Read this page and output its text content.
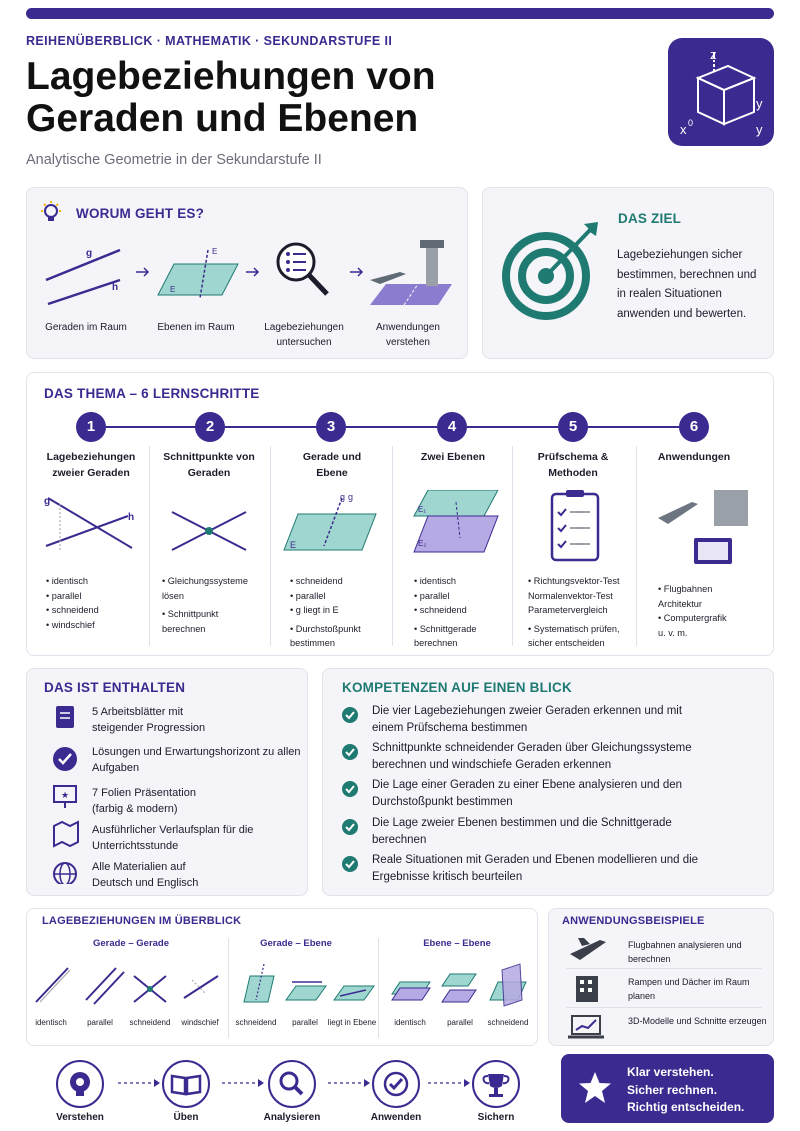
REIHENÜBERBLICK · MATHEMATIK · SEKUNDARSTUFE II
Lagebeziehungen von Geraden und Ebenen
Analytische Geometrie in der Sekundarstufe II
z
y
x 0	y
WORUM GEHT ES?
g
h	E
E
Geraden im Raum	Ebenen im Raum	Lagebeziehungen untersuchen
Anwendungen verstehen
DAS ZIEL
Lagebeziehungen sicher bestimmen, berechnen und in realen Situationen anwenden und bewerten.
DAS THEMA – 6 LERNSCHRITTE
1	2	3	4	5	6
Lagebeziehungen zweier Geraden
Schnittpunkte von Geraden
Gerade und Ebene
Zwei Ebenen	Prüfschema & Methoden
Anwendungen
g
h
g g
E
E₁
E₂
• identisch
• parallel
• schneidend
• windschief
• Gleichungssysteme lösen
• Schnittpunkt berechnen
• schneidend
• parallel
• g liegt in E
• Durchstoßpunkt bestimmen
• identisch
• parallel
• schneidend
• Schnittgerade berechnen
• Richtungsvektor-Test
Normalenvektor-Test
Parametervergleich
• Systematisch prüfen, sicher entscheiden
• Flugbahnen
Architektur
• Computergrafik
u. v. m.
DAS IST ENTHALTEN
★
5 Arbeitsblätter mit steigender Progression
Lösungen und Erwartungshorizont zu allen Aufgaben
7 Folien Präsentation (farbig & modern)
Ausführlicher Verlaufsplan für die Unterrichtsstunde
Alle Materialien auf Deutsch und Englisch
KOMPETENZEN AUF EINEN BLICK
Die vier Lagebeziehungen zweier Geraden erkennen und mit einem Prüfschema bestimmen
Schnittpunkte schneidender Geraden über Gleichungssysteme berechnen und windschiefe Geraden erkennen
Die Lage einer Geraden zu einer Ebene analysieren und den Durchstoßpunkt bestimmen
Die Lage zweier Ebenen bestimmen und die Schnittgerade berechnen
Reale Situationen mit Geraden und Ebenen modellieren und die Ergebnisse kritisch beurteilen
LAGEBEZIEHUNGEN IM ÜBERBLICK
Gerade – Gerade	Gerade – Ebene	Ebene – Ebene
identisch	parallel	schneidend	windschief	schneidend	parallel	liegt in Ebene	identisch	parallel	schneidend
ANWENDUNGSBEISPIELE
Flugbahnen analysieren und berechnen
Rampen und Dächer im Raum planen
3D-Modelle und Schnitte erzeugen
Verstehen	Üben	Analysieren	Anwenden	Sichern
Klar verstehen.
Sicher rechnen.
Richtig entscheiden.
